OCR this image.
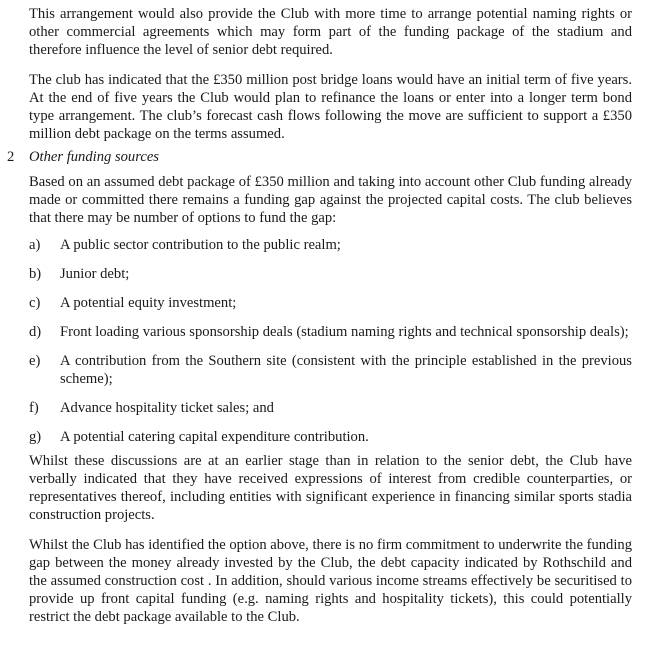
This arrangement would also provide the Club with more time to arrange potential naming rights or other commercial agreements which may form part of the funding package of the stadium and therefore influence the level of senior debt required.

The club has indicated that the £350 million post bridge loans would have an initial term of five years. At the end of five years the Club would plan to refinance the loans or enter into a longer term bond type arrangement. The club’s forecast cash flows following the move are sufficient to support a £350 million debt package on the terms assumed.

2	Other funding sources

Based on an assumed debt package of £350 million and taking into account other Club funding already made or committed there remains a funding gap against the projected capital costs. The club believes that there may be number of options to fund the gap:

a)	A public sector contribution to the public realm;
b)	Junior debt;
c)	A potential equity investment;
d)	Front loading various sponsorship deals (stadium naming rights and technical sponsorship deals);
e)	A contribution from the Southern site (consistent with the principle established in the previous scheme);
f)	Advance hospitality ticket sales; and
g)	A potential catering capital expenditure contribution.

Whilst these discussions are at an earlier stage than in relation to the senior debt, the Club have verbally indicated that they have received expressions of interest from credible counterparties, or representatives thereof, including entities with significant experience in financing similar sports stadia construction projects.

Whilst the Club has identified the option above, there is no firm commitment to underwrite the funding gap between the money already invested by the Club, the debt capacity indicated by Rothschild and the assumed construction cost . In addition, should various income streams effectively be securitised to provide up front capital funding (e.g. naming rights and hospitality tickets), this could potentially restrict the debt package available to the Club.
